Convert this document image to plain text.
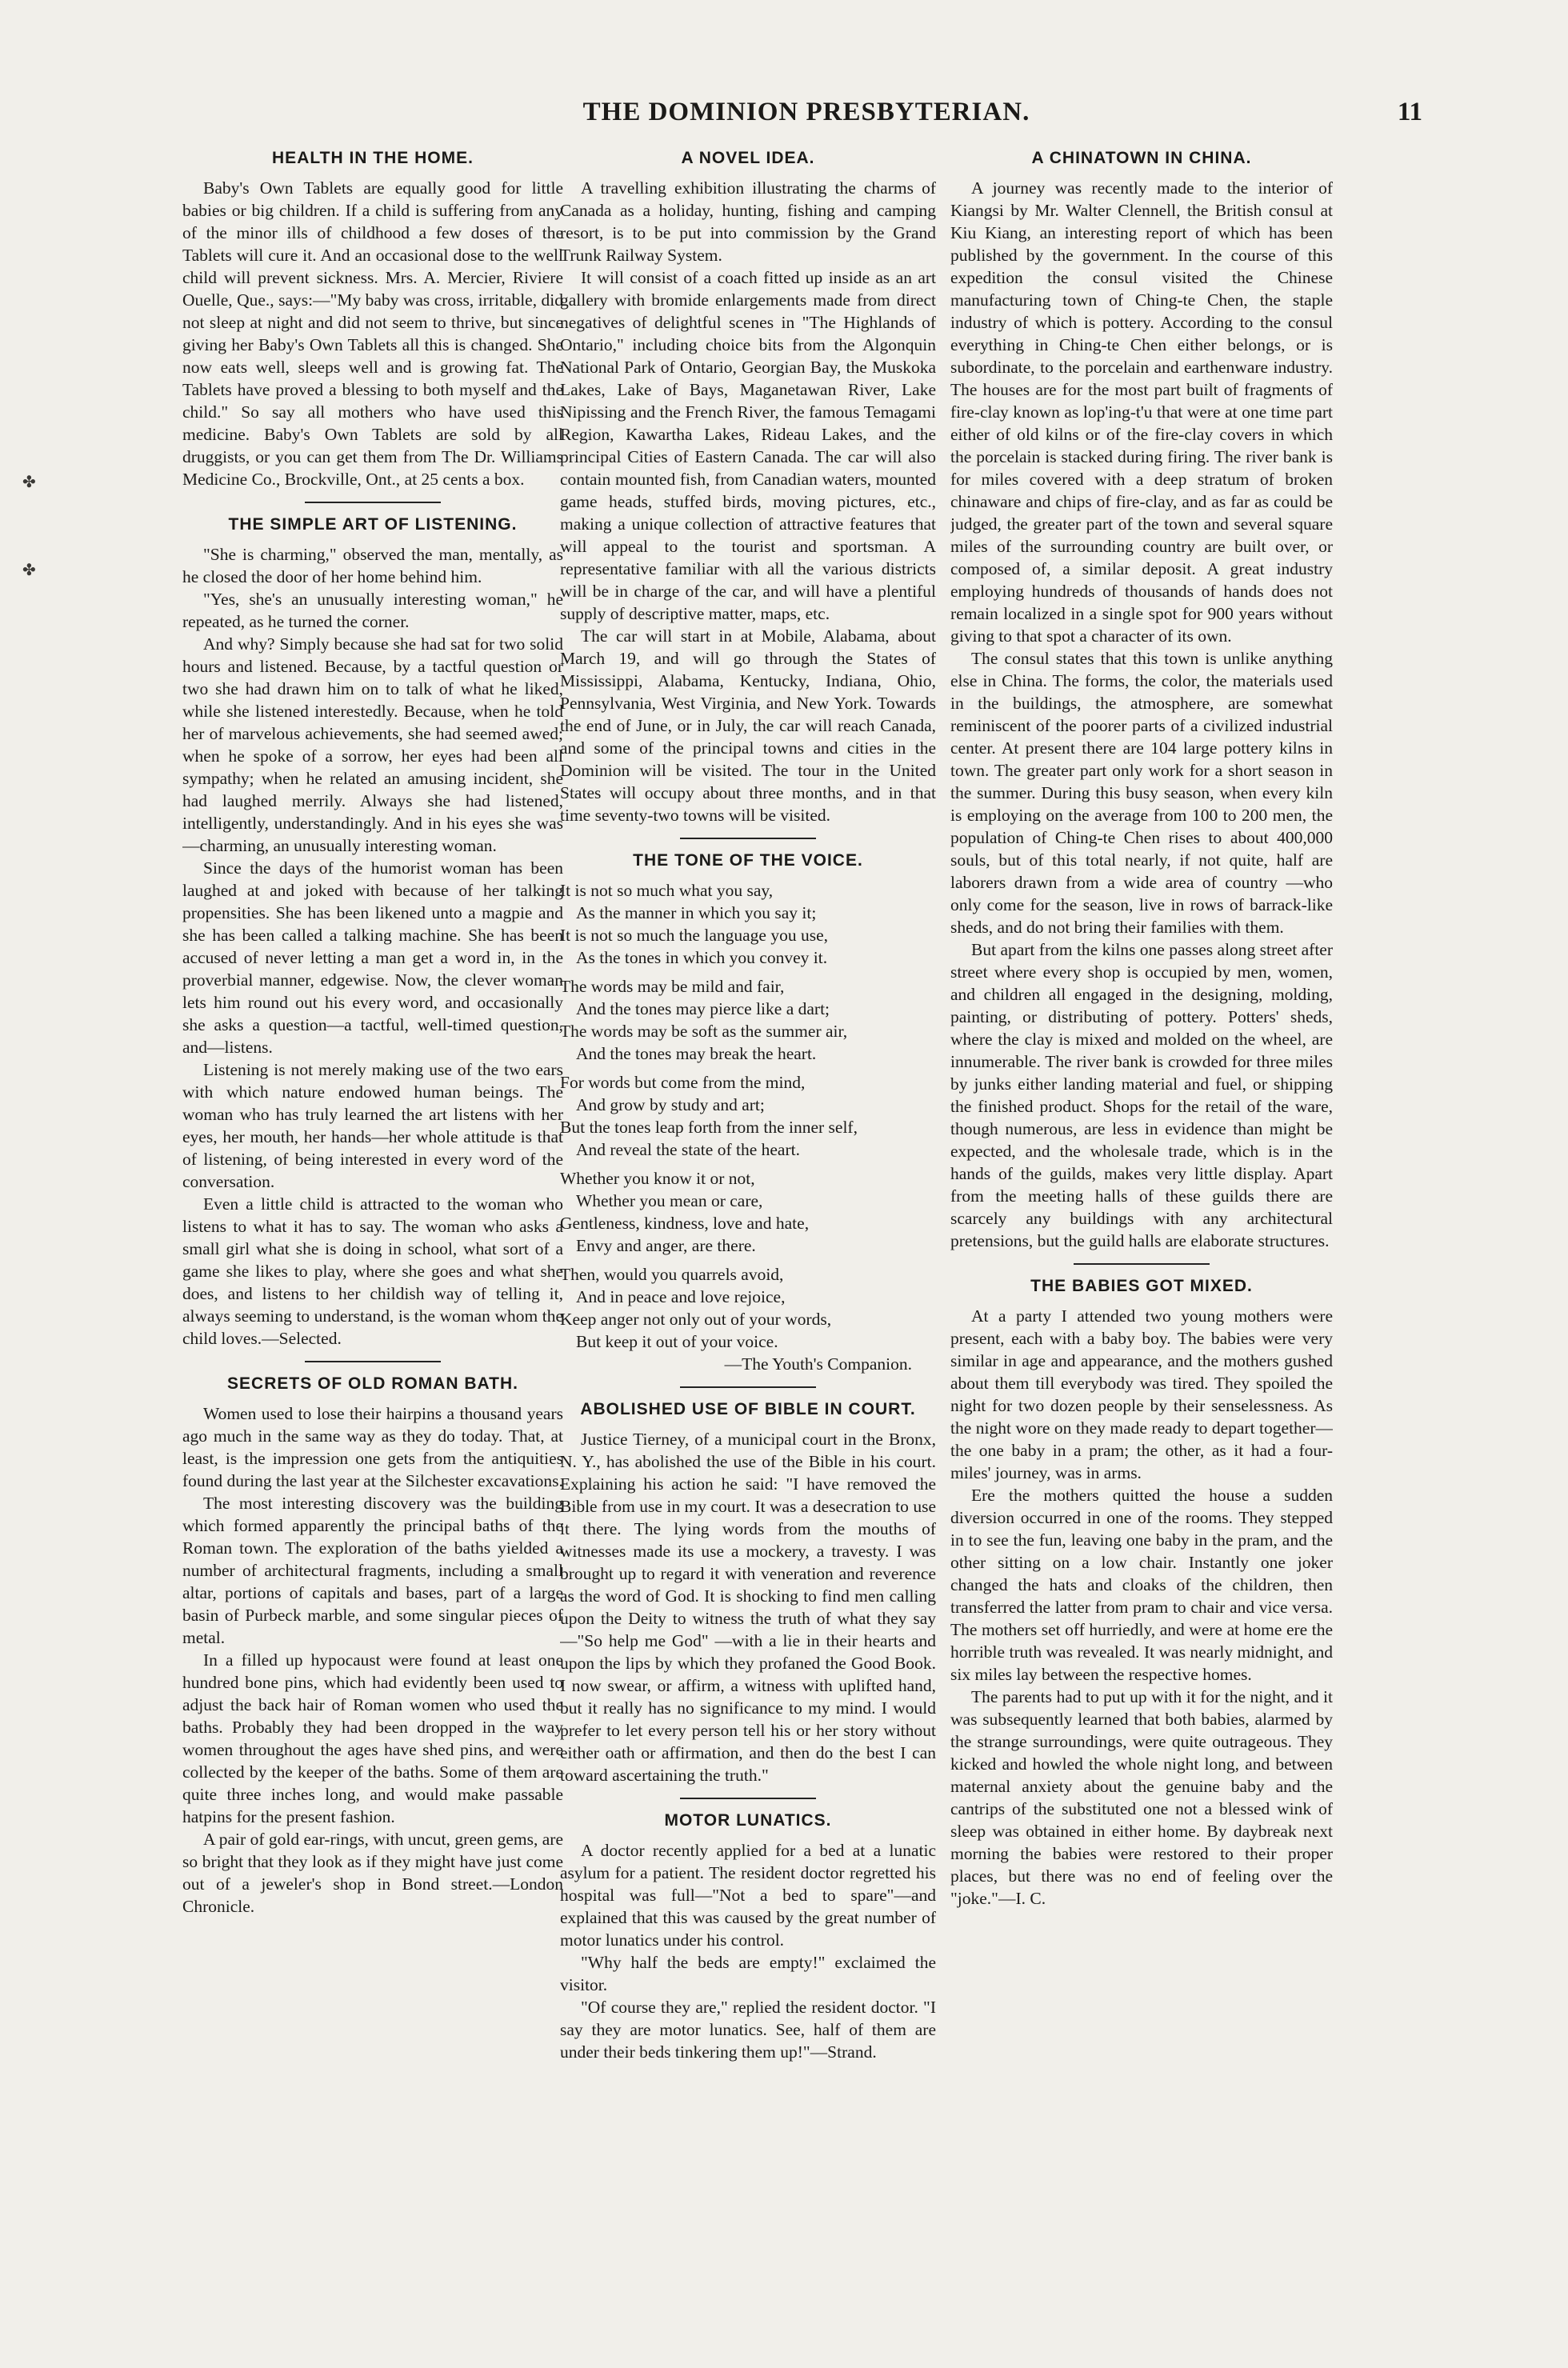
✤
✤
THE DOMINION PRESBYTERIAN.	11
HEALTH IN THE HOME.

Baby's Own Tablets are equally good for little babies or big children. If a child is suffering from any of the minor ills of childhood a few doses of the Tablets will cure it. And an occasional dose to the well child will prevent sickness. Mrs. A. Mercier, Riviere Ouelle, Que., says:—"My baby was cross, irritable, did not sleep at night and did not seem to thrive, but since giving her Baby's Own Tablets all this is changed. She now eats well, sleeps well and is growing fat. The Tablets have proved a blessing to both myself and the child." So say all mothers who have used this medicine. Baby's Own Tablets are sold by all druggists, or you can get them from The Dr. Williams Medicine Co., Brockville, Ont., at 25 cents a box.

THE SIMPLE ART OF LISTENING.

"She is charming," observed the man, mentally, as he closed the door of her home behind him.

"Yes, she's an unusually interesting woman," he repeated, as he turned the corner.

And why? Simply because she had sat for two solid hours and listened. Because, by a tactful question or two she had drawn him on to talk of what he liked, while she listened interestedly. Because, when he told her of marvelous achievements, she had seemed awed; when he spoke of a sorrow, her eyes had been all sympathy; when he related an amusing incident, she had laughed merrily. Always she had listened, intelligently, understandingly. And in his eyes she was—charming, an unusually interesting woman.

Since the days of the humorist woman has been laughed at and joked with because of her talking propensities. She has been likened unto a magpie and she has been called a talking machine. She has been accused of never letting a man get a word in, in the proverbial manner, edgewise. Now, the clever woman lets him round out his every word, and occasionally she asks a question—a tactful, well-timed question, and—listens.

Listening is not merely making use of the two ears with which nature endowed human beings. The woman who has truly learned the art listens with her eyes, her mouth, her hands—her whole attitude is that of listening, of being interested in every word of the conversation.

Even a little child is attracted to the woman who listens to what it has to say. The woman who asks a small girl what she is doing in school, what sort of a game she likes to play, where she goes and what she does, and listens to her childish way of telling it, always seeming to understand, is the woman whom the child loves.—Selected.

SECRETS OF OLD ROMAN BATH.

Women used to lose their hairpins a thousand years ago much in the same way as they do today. That, at least, is the impression one gets from the antiquities found during the last year at the Silchester excavations.

The most interesting discovery was the building which formed apparently the principal baths of the Roman town. The exploration of the baths yielded a number of architectural fragments, including a small altar, portions of capitals and bases, part of a large basin of Purbeck marble, and some singular pieces of metal.

In a filled up hypocaust were found at least one hundred bone pins, which had evidently been used to adjust the back hair of Roman women who used the baths. Probably they had been dropped in the way women throughout the ages have shed pins, and were collected by the keeper of the baths. Some of them are quite three inches long, and would make passable hatpins for the present fashion.

A pair of gold ear-rings, with uncut, green gems, are so bright that they look as if they might have just come out of a jeweler's shop in Bond street.—London Chronicle.

A NOVEL IDEA.

A travelling exhibition illustrating the charms of Canada as a holiday, hunting, fishing and camping resort, is to be put into commission by the Grand Trunk Railway System.

It will consist of a coach fitted up inside as an art gallery with bromide enlargements made from direct negatives of delightful scenes in "The Highlands of Ontario," including choice bits from the Algonquin National Park of Ontario, Georgian Bay, the Muskoka Lakes, Lake of Bays, Maganetawan River, Lake Nipissing and the French River, the famous Temagami Region, Kawartha Lakes, Rideau Lakes, and the principal Cities of Eastern Canada. The car will also contain mounted fish, from Canadian waters, mounted game heads, stuffed birds, moving pictures, etc., making a unique collection of attractive features that will appeal to the tourist and sportsman. A representative familiar with all the various districts will be in charge of the car, and will have a plentiful supply of descriptive matter, maps, etc.

The car will start in at Mobile, Alabama, about March 19, and will go through the States of Mississippi, Alabama, Kentucky, Indiana, Ohio, Pennsylvania, West Virginia, and New York. Towards the end of June, or in July, the car will reach Canada, and some of the principal towns and cities in the Dominion will be visited. The tour in the United States will occupy about three months, and in that time seventy-two towns will be visited.

THE TONE OF THE VOICE.

It is not so much what you say,

As the manner in which you say it;

It is not so much the language you use,

As the tones in which you convey it.

The words may be mild and fair,

And the tones may pierce like a dart;

The words may be soft as the summer air,

And the tones may break the heart.

For words but come from the mind,

And grow by study and art;

But the tones leap forth from the inner self,

And reveal the state of the heart.

Whether you know it or not,

Whether you mean or care,

Gentleness, kindness, love and hate,

Envy and anger, are there.

Then, would you quarrels avoid,

And in peace and love rejoice,

Keep anger not only out of your words,

But keep it out of your voice.

—The Youth's Companion.

ABOLISHED USE OF BIBLE IN COURT.

Justice Tierney, of a municipal court in the Bronx, N. Y., has abolished the use of the Bible in his court. Explaining his action he said: "I have removed the Bible from use in my court. It was a desecration to use it there. The lying words from the mouths of witnesses made its use a mockery, a travesty. I was brought up to regard it with veneration and reverence as the word of God. It is shocking to find men calling upon the Deity to witness the truth of what they say—"So help me God" —with a lie in their hearts and upon the lips by which they profaned the Good Book. I now swear, or affirm, a witness with uplifted hand, but it really has no significance to my mind. I would prefer to let every person tell his or her story without either oath or affirmation, and then do the best I can toward ascertaining the truth."

MOTOR LUNATICS.

A doctor recently applied for a bed at a lunatic asylum for a patient. The resident doctor regretted his hospital was full—"Not a bed to spare"—and explained that this was caused by the great number of motor lunatics under his control.

"Why half the beds are empty!" exclaimed the visitor.

"Of course they are," replied the resident doctor. "I say they are motor lunatics. See, half of them are under their beds tinkering them up!"—Strand.

A CHINATOWN IN CHINA.

A journey was recently made to the interior of Kiangsi by Mr. Walter Clennell, the British consul at Kiu Kiang, an interesting report of which has been published by the government. In the course of this expedition the consul visited the Chinese manufacturing town of Ching-te Chen, the staple industry of which is pottery. According to the consul everything in Ching-te Chen either belongs, or is subordinate, to the porcelain and earthenware industry. The houses are for the most part built of fragments of fire-clay known as lop'ing-t'u that were at one time part either of old kilns or of the fire-clay covers in which the porcelain is stacked during firing. The river bank is for miles covered with a deep stratum of broken chinaware and chips of fire-clay, and as far as could be judged, the greater part of the town and several square miles of the surrounding country are built over, or composed of, a similar deposit. A great industry employing hundreds of thousands of hands does not remain localized in a single spot for 900 years without giving to that spot a character of its own.

The consul states that this town is unlike anything else in China. The forms, the color, the materials used in the buildings, the atmosphere, are somewhat reminiscent of the poorer parts of a civilized industrial center. At present there are 104 large pottery kilns in town. The greater part only work for a short season in the summer. During this busy season, when every kiln is employing on the average from 100 to 200 men, the population of Ching-te Chen rises to about 400,000 souls, but of this total nearly, if not quite, half are laborers drawn from a wide area of country —who only come for the season, live in rows of barrack-like sheds, and do not bring their families with them.

But apart from the kilns one passes along street after street where every shop is occupied by men, women, and children all engaged in the designing, molding, painting, or distributing of pottery. Potters' sheds, where the clay is mixed and molded on the wheel, are innumerable. The river bank is crowded for three miles by junks either landing material and fuel, or shipping the finished product. Shops for the retail of the ware, though numerous, are less in evidence than might be expected, and the wholesale trade, which is in the hands of the guilds, makes very little display. Apart from the meeting halls of these guilds there are scarcely any buildings with any architectural pretensions, but the guild halls are elaborate structures.

THE BABIES GOT MIXED.

At a party I attended two young mothers were present, each with a baby boy. The babies were very similar in age and appearance, and the mothers gushed about them till everybody was tired. They spoiled the night for two dozen people by their senselessness. As the night wore on they made ready to depart together—the one baby in a pram; the other, as it had a four-miles' journey, was in arms.

Ere the mothers quitted the house a sudden diversion occurred in one of the rooms. They stepped in to see the fun, leaving one baby in the pram, and the other sitting on a low chair. Instantly one joker changed the hats and cloaks of the children, then transferred the latter from pram to chair and vice versa. The mothers set off hurriedly, and were at home ere the horrible truth was revealed. It was nearly midnight, and six miles lay between the respective homes.

The parents had to put up with it for the night, and it was subsequently learned that both babies, alarmed by the strange surroundings, were quite outrageous. They kicked and howled the whole night long, and between maternal anxiety about the genuine baby and the cantrips of the substituted one not a blessed wink of sleep was obtained in either home. By daybreak next morning the babies were restored to their proper places, but there was no end of feeling over the "joke."—I. C.
